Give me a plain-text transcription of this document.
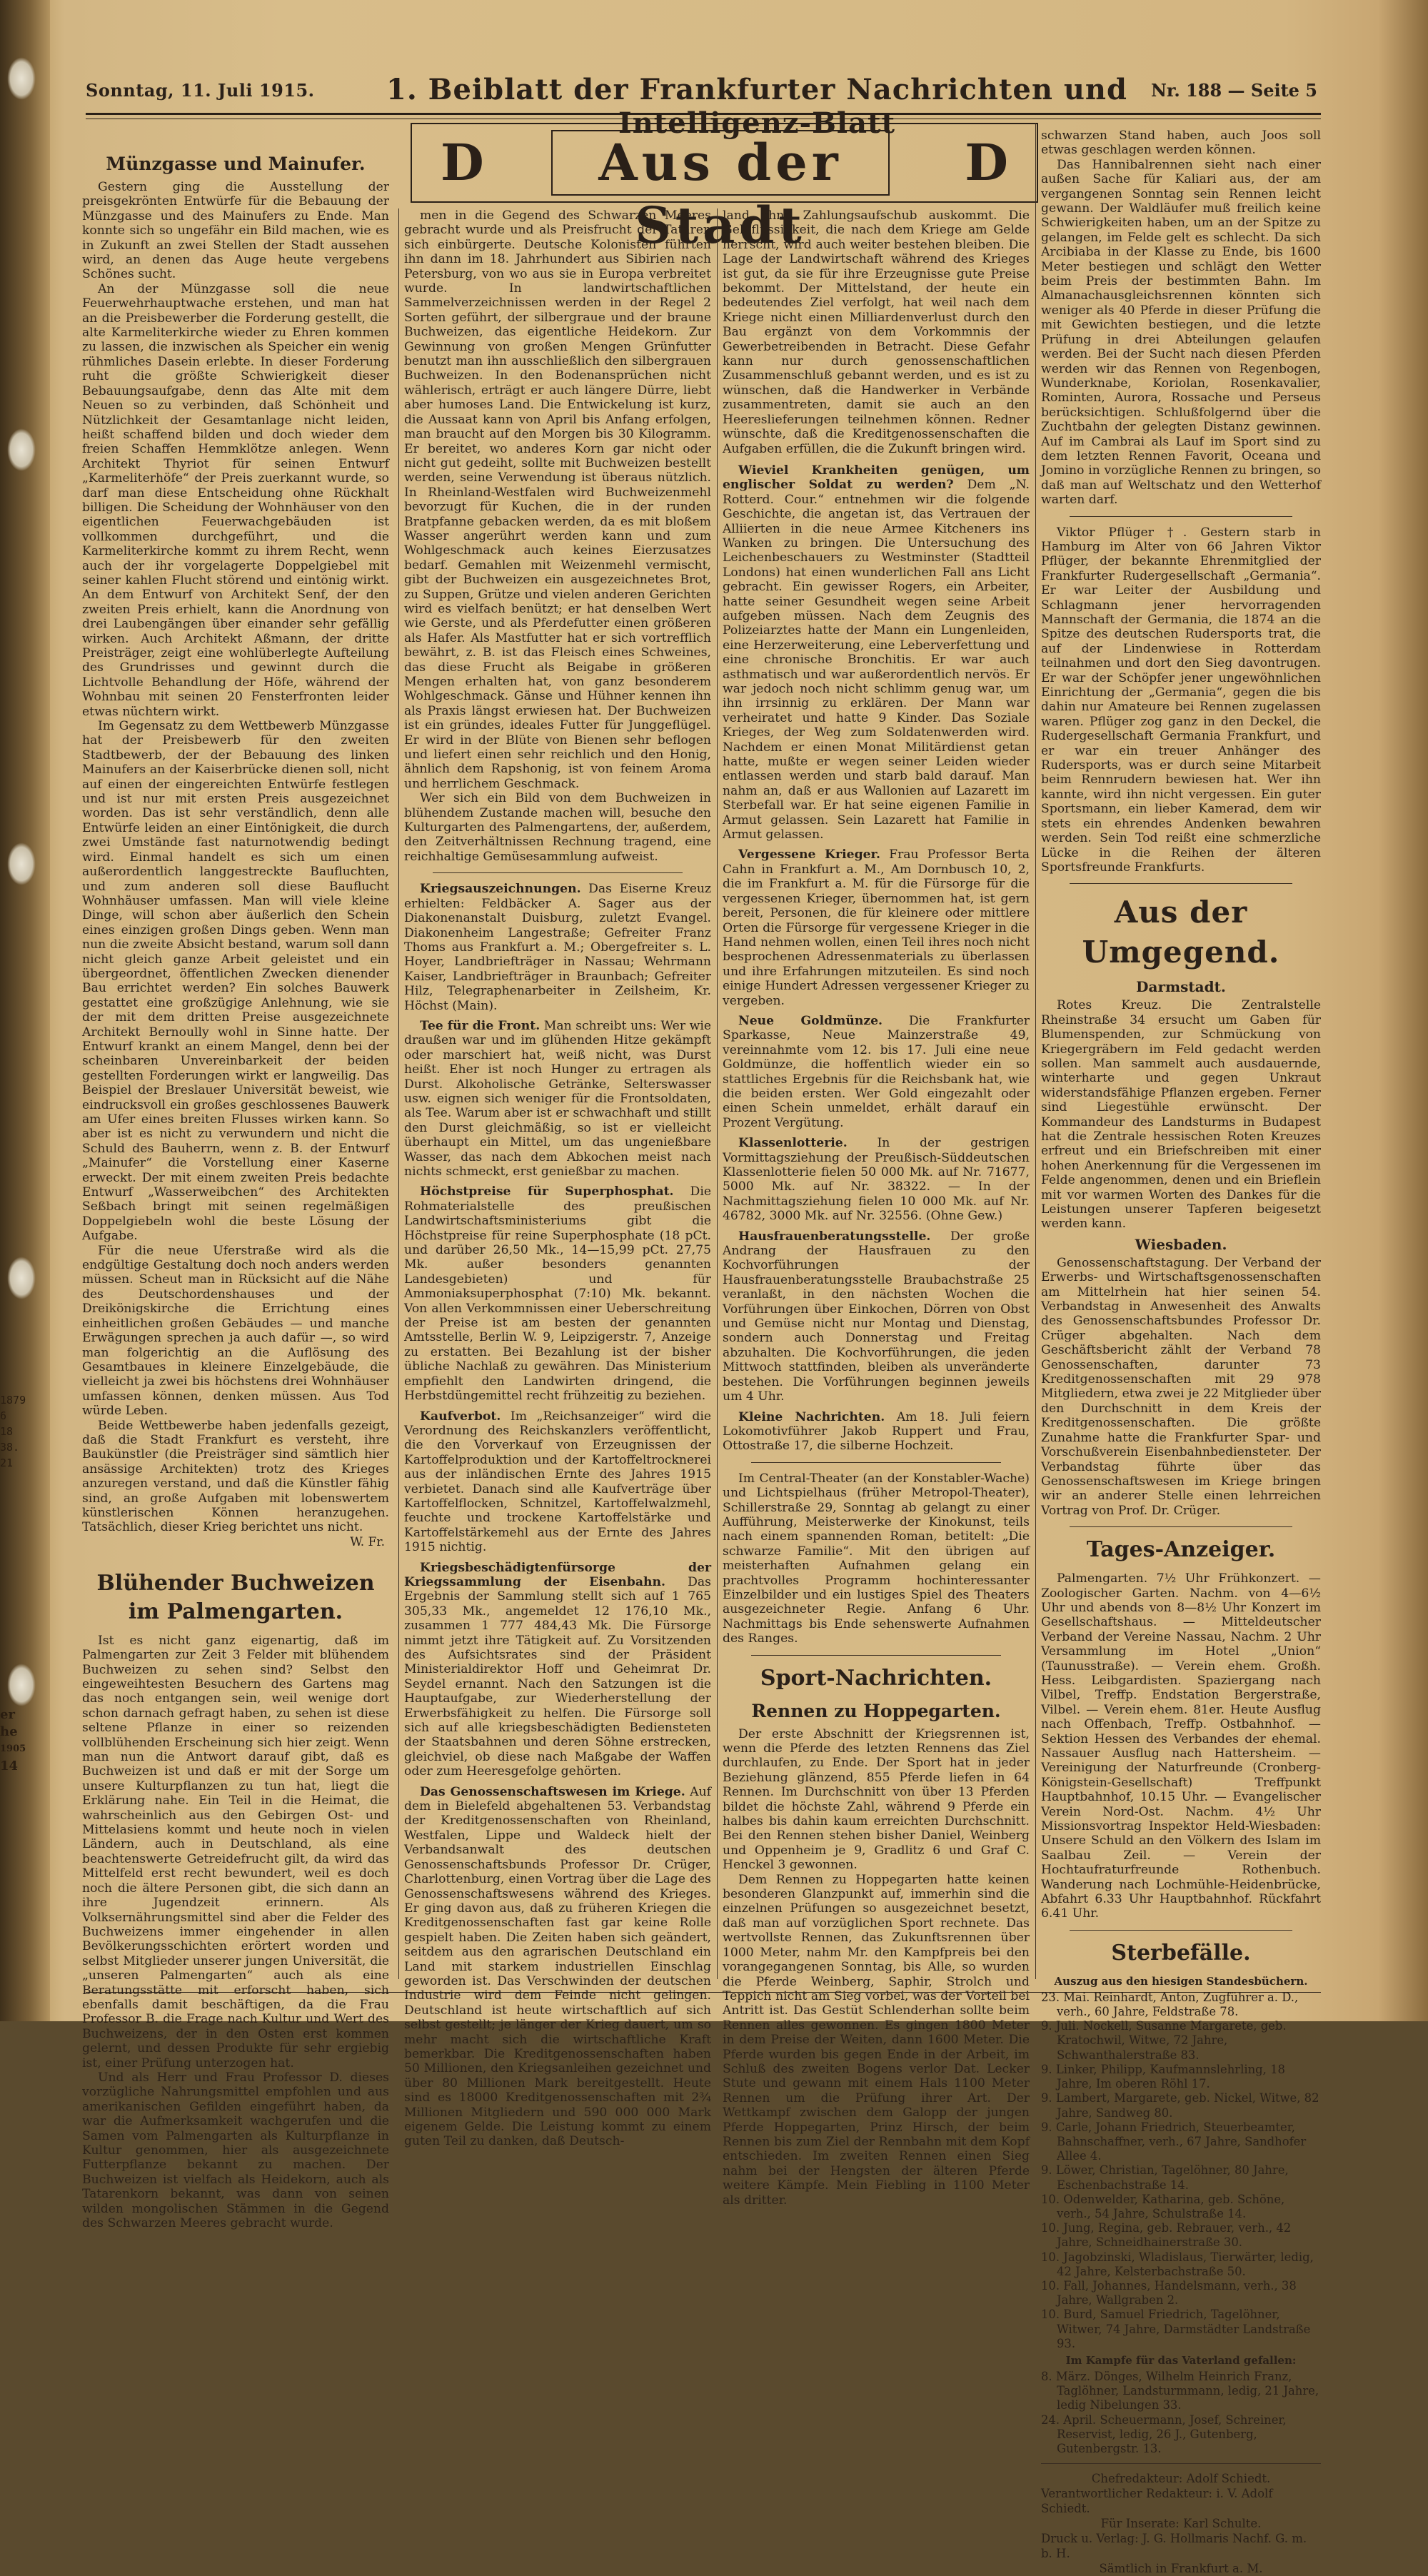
1879
6
18
38.
21
er
he
1905
14
Sonntag, 11. Juli 1915.	1. Beiblatt der Frankfurter Nachrichten und Intelligenz-Blatt
Nr. 188 — Seite 5
D	Aus der Stadt
D
Münzgasse und Mainufer.

Gestern ging die Ausstellung der preisgekrönten Entwürfe für die Bebauung der Münzgasse und des Mainufers zu Ende. Man konnte sich so ungefähr ein Bild machen, wie es in Zukunft an zwei Stellen der Stadt aussehen wird, an denen das Auge heute vergebens Schönes sucht.

An der Münzgasse soll die neue Feuerwehrhauptwache erstehen, und man hat an die Preisbewerber die Forderung gestellt, die alte Karmeliterkirche wieder zu Ehren kommen zu lassen, die inzwischen als Speicher ein wenig rühmliches Dasein erlebte. In dieser Forderung ruht die größte Schwierigkeit dieser Bebauungsaufgabe, denn das Alte mit dem Neuen so zu verbinden, daß Schönheit und Nützlichkeit der Gesamtanlage nicht leiden, heißt schaffend bilden und doch wieder dem freien Schaffen Hemmklötze anlegen. Wenn Architekt Thyriot für seinen Entwurf „Karmeliterhöfe“ der Preis zuerkannt wurde, so darf man diese Entscheidung ohne Rückhalt billigen. Die Scheidung der Wohnhäuser von den eigentlichen Feuerwachgebäuden ist vollkommen durchgeführt, und die Karmeliterkirche kommt zu ihrem Recht, wenn auch der ihr vorgelagerte Doppelgiebel mit seiner kahlen Flucht störend und eintönig wirkt. An dem Entwurf von Architekt Senf, der den zweiten Preis erhielt, kann die Anordnung von drei Laubengängen über einander sehr gefällig wirken. Auch Architekt Aßmann, der dritte Preisträger, zeigt eine wohlüberlegte Aufteilung des Grundrisses und gewinnt durch die Lichtvolle Behandlung der Höfe, während der Wohnbau mit seinen 20 Fensterfronten leider etwas nüchtern wirkt.

Im Gegensatz zu dem Wettbewerb Münzgasse hat der Preisbewerb für den zweiten Stadtbewerb, der der Bebauung des linken Mainufers an der Kaiserbrücke dienen soll, nicht auf einen der eingereichten Entwürfe festlegen und ist nur mit ersten Preis ausgezeichnet worden. Das ist sehr verständlich, denn alle Entwürfe leiden an einer Eintönigkeit, die durch zwei Umstände fast naturnotwendig bedingt wird. Einmal handelt es sich um einen außerordentlich langgestreckte Baufluchten, und zum anderen soll diese Bauflucht Wohnhäuser umfassen. Man will viele kleine Dinge, will schon aber äußerlich den Schein eines einzigen großen Dings geben. Wenn man nun die zweite Absicht bestand, warum soll dann nicht gleich ganze Arbeit geleistet und ein übergeordnet, öffentlichen Zwecken dienender Bau errichtet werden? Ein solches Bauwerk gestattet eine großzügige Anlehnung, wie sie der mit dem dritten Preise ausgezeichnete Architekt Bernoully wohl in Sinne hatte. Der Entwurf krankt an einem Mangel, denn bei der scheinbaren Unvereinbarkeit der beiden gestellten Forderungen wirkt er langweilig. Das Beispiel der Breslauer Universität beweist, wie eindrucksvoll ein großes geschlossenes Bauwerk am Ufer eines breiten Flusses wirken kann. So aber ist es nicht zu verwundern und nicht die Schuld des Bauherrn, wenn z. B. der Entwurf „Mainufer“ die Vorstellung einer Kaserne erweckt. Der mit einem zweiten Preis bedachte Entwurf „Wasserweibchen“ des Architekten Seßbach bringt mit seinen regelmäßigen Doppelgiebeln wohl die beste Lösung der Aufgabe.

Für die neue Uferstraße wird als die endgültige Gestaltung doch noch anders werden müssen. Scheut man in Rücksicht auf die Nähe des Deutschordenshauses und der Dreikönigskirche die Errichtung eines einheitlichen großen Gebäudes — und manche Erwägungen sprechen ja auch dafür —, so wird man folgerichtig an die Auflösung des Gesamtbaues in kleinere Einzelgebäude, die vielleicht ja zwei bis höchstens drei Wohnhäuser umfassen können, denken müssen. Aus Tod würde Leben.

Beide Wettbewerbe haben jedenfalls gezeigt, daß die Stadt Frankfurt es versteht, ihre Baukünstler (die Preisträger sind sämtlich hier ansässige Architekten) trotz des Krieges anzuregen verstand, und daß die Künstler fähig sind, an große Aufgaben mit lobenswertem künstlerischen Können heranzugehen. Tatsächlich, dieser Krieg berichtet uns nicht.

W. Fr.
Blühender Buchweizen im Palmengarten.

Ist es nicht ganz eigenartig, daß im Palmengarten zur Zeit 3 Felder mit blühendem Buchweizen zu sehen sind? Selbst den eingeweihtesten Besuchern des Gartens mag das noch entgangen sein, weil wenige dort schon darnach gefragt haben, zu sehen ist diese seltene Pflanze in einer so reizenden vollblühenden Erscheinung sich hier zeigt. Wenn man nun die Antwort darauf gibt, daß es Buchweizen ist und daß er mit der Sorge um unsere Kulturpflanzen zu tun hat, liegt die Erklärung nahe. Ein Teil in die Heimat, die wahrscheinlich aus den Gebirgen Ost- und Mittelasiens kommt und heute noch in vielen Ländern, auch in Deutschland, als eine beachtenswerte Getreidefrucht gilt, da wird das Mittelfeld erst recht bewundert, weil es doch noch die ältere Personen gibt, die sich dann an ihre Jugendzeit erinnern. Als Volksernährungsmittel sind aber die Felder des Buchweizens immer eingehender in allen Bevölkerungsschichten erörtert worden und selbst Mitglieder unserer jungen Universität, die „unseren Palmengarten“ auch als eine Beratungsstätte mit erforscht haben, sich ebenfalls damit beschäftigen, da die Frau Professor B. die Frage nach Kultur und Wert des Buchweizens, der in den Osten erst kommen gelernt, und dessen Produkte für sehr ergiebig ist, einer Prüfung unterzogen hat.

Und als Herr und Frau Professor D. dieses vorzügliche Nahrungsmittel empfohlen und aus amerikanischen Gefilden eingeführt haben, da war die Aufmerksamkeit wachgerufen und die Samen vom Palmengarten als Kulturpflanze in Kultur genommen, hier als ausgezeichnete Futterpflanze bekannt zu machen. Der Buchweizen ist vielfach als Heidekorn, auch als Tatarenkorn bekannt, was dann von seinen wilden mongolischen Stämmen in die Gegend des Schwarzen Meeres gebracht wurde.

men in die Gegend des Schwarzen Meeres gebracht wurde und als Preisfrucht der Tataren sich einbürgerte. Deutsche Kolonisten führten ihn dann im 18. Jahrhundert aus Sibirien nach Petersburg, von wo aus sie in Europa verbreitet wurde. In landwirtschaftlichen Sammelverzeichnissen werden in der Regel 2 Sorten geführt, der silbergraue und der braune Buchweizen, das eigentliche Heidekorn. Zur Gewinnung von großen Mengen Grünfutter benutzt man ihn ausschließlich den silbergrauen Buchweizen. In den Bodenansprüchen nicht wählerisch, erträgt er auch längere Dürre, liebt aber humoses Land. Die Entwickelung ist kurz, die Aussaat kann von April bis Anfang erfolgen, man braucht auf den Morgen bis 30 Kilogramm. Er bereitet, wo anderes Korn gar nicht oder nicht gut gedeiht, sollte mit Buchweizen bestellt werden, seine Verwendung ist überaus nützlich. In Rheinland-Westfalen wird Buchweizenmehl bevorzugt für Kuchen, die in der runden Bratpfanne gebacken werden, da es mit bloßem Wasser angerührt werden kann und zum Wohlgeschmack auch keines Eierzusatzes bedarf. Gemahlen mit Weizenmehl vermischt, gibt der Buchweizen ein ausgezeichnetes Brot, zu Suppen, Grütze und vielen anderen Gerichten wird es vielfach benützt; er hat denselben Wert wie Gerste, und als Pferdefutter einen größeren als Hafer. Als Mastfutter hat er sich vortrefflich bewährt, z. B. ist das Fleisch eines Schweines, das diese Frucht als Beigabe in größeren Mengen erhalten hat, von ganz besonderem Wohlgeschmack. Gänse und Hühner kennen ihn als Praxis längst erwiesen hat. Der Buchweizen ist ein gründes, ideales Futter für Junggeflügel. Er wird in der Blüte von Bienen sehr beflogen und liefert einen sehr reichlich und den Honig, ähnlich dem Rapshonig, ist von feinem Aroma und herrlichem Geschmack.

Wer sich ein Bild von dem Buchweizen in blühendem Zustande machen will, besuche den Kulturgarten des Palmengartens, der, außerdem, den Zeitverhältnissen Rechnung tragend, eine reichhaltige Gemüsesammlung aufweist.

Kriegsauszeichnungen. Das Eiserne Kreuz erhielten: Feldbäcker A. Sager aus der Diakonenanstalt Duisburg, zuletzt Evangel. Diakonenheim Langestraße; Gefreiter Franz Thoms aus Frankfurt a. M.; Obergefreiter s. L. Hoyer, Landbriefträger in Nassau; Wehrmann Kaiser, Landbriefträger in Braunbach; Gefreiter Hilz, Telegraphenarbeiter in Zeilsheim, Kr. Höchst (Main).
Tee für die Front. Man schreibt uns: Wer wie draußen war und im glühenden Hitze gekämpft oder marschiert hat, weiß nicht, was Durst heißt. Eher ist noch Hunger zu ertragen als Durst. Alkoholische Getränke, Selterswasser usw. eignen sich weniger für die Frontsoldaten, als Tee. Warum aber ist er schwachhaft und stillt den Durst gleichmäßig, so ist er vielleicht überhaupt ein Mittel, um das ungenießbare Wasser, das nach dem Abkochen meist nach nichts schmeckt, erst genießbar zu machen.
Höchstpreise für Superphosphat. Die Rohmaterialstelle des preußischen Landwirtschaftsministeriums gibt die Höchstpreise für reine Superphosphate (18 pCt. und darüber 26,50 Mk., 14—15,99 pCt. 27,75 Mk. außer besonders genannten Landesgebieten) und für Ammoniaksuperphosphat (7:10) Mk. bekannt. Von allen Verkommnissen einer Ueberschreitung der Preise ist am besten der genannten Amtsstelle, Berlin W. 9, Leipzigerstr. 7, Anzeige zu erstatten. Bei Bezahlung ist der bisher übliche Nachlaß zu gewähren. Das Ministerium empfiehlt den Landwirten dringend, die Herbstdüngemittel recht frühzeitig zu beziehen.
Kaufverbot. Im „Reichsanzeiger“ wird die Verordnung des Reichskanzlers veröffentlicht, die den Vorverkauf von Erzeugnissen der Kartoffelproduktion und der Kartoffeltrocknerei aus der inländischen Ernte des Jahres 1915 verbietet. Danach sind alle Kaufverträge über Kartoffelflocken, Schnitzel, Kartoffelwalzmehl, feuchte und trockene Kartoffelstärke und Kartoffelstärkemehl aus der Ernte des Jahres 1915 nichtig.
Kriegsbeschädigtenfürsorge der Kriegssammlung der Eisenbahn. Das Ergebnis der Sammlung stellt sich auf 1 765 305,33 Mk., angemeldet 12 176,10 Mk., zusammen 1 777 484,43 Mk. Die Fürsorge nimmt jetzt ihre Tätigkeit auf. Zu Vorsitzenden des Aufsichtsrates sind der Präsident Ministerialdirektor Hoff und Geheimrat Dr. Seydel ernannt. Nach den Satzungen ist die Hauptaufgabe, zur Wiederherstellung der Erwerbsfähigkeit zu helfen. Die Fürsorge soll sich auf alle kriegsbeschädigten Bediensteten der Staatsbahnen und deren Söhne erstrecken, gleichviel, ob diese nach Maßgabe der Waffen oder zum Heeresgefolge gehörten.
Das Genossenschaftswesen im Kriege. Auf dem in Bielefeld abgehaltenen 53. Verbandstag der Kreditgenossenschaften von Rheinland, Westfalen, Lippe und Waldeck hielt der Verbandsanwalt des deutschen Genossenschaftsbunds Professor Dr. Crüger, Charlottenburg, einen Vortrag über die Lage des Genossenschaftswesens während des Krieges. Er ging davon aus, daß zu früheren Kriegen die Kreditgenossenschaften fast gar keine Rolle gespielt haben. Die Zeiten haben sich geändert, seitdem aus den agrarischen Deutschland ein Land mit starkem industriellen Einschlag geworden ist. Das Verschwinden der deutschen Industrie wird dem Feinde nicht gelingen. Deutschland ist heute wirtschaftlich auf sich selbst gestellt; je länger der Krieg dauert, um so mehr macht sich die wirtschaftliche Kraft bemerkbar. Die Kreditgenossenschaften haben 50 Millionen, den Kriegsanleihen gezeichnet und über 80 Millionen Mark bereitgestellt. Heute sind es 18000 Kreditgenossenschaften mit 2¾ Millionen Mitgliedern und 590 000 000 Mark eigenem Gelde. Die Leistung kommt zu einem guten Teil zu danken, daß Deutsch-

land ohne Zahlungsaufschub auskommt. Die Geldflüssigkeit, die nach dem Kriege am Gelde herrscht, wird auch weiter bestehen bleiben. Die Lage der Landwirtschaft während des Krieges ist gut, da sie für ihre Erzeugnisse gute Preise bekommt. Der Mittelstand, der heute ein bedeutendes Ziel verfolgt, hat weil nach dem Kriege nicht einen Milliardenverlust durch den Bau ergänzt von dem Vorkommnis der Gewerbetreibenden in Betracht. Diese Gefahr kann nur durch genossenschaftlichen Zusammenschluß gebannt werden, und es ist zu wünschen, daß die Handwerker in Verbände zusammentreten, damit sie auch an den Heereslieferungen teilnehmen können. Redner wünschte, daß die Kreditgenossenschaften die Aufgaben erfüllen, die die Zukunft bringen wird.

Wieviel Krankheiten genügen, um englischer Soldat zu werden? Dem „N. Rotterd. Cour.“ entnehmen wir die folgende Geschichte, die angetan ist, das Vertrauen der Alliierten in die neue Armee Kitcheners ins Wanken zu bringen. Die Untersuchung des Leichenbeschauers zu Westminster (Stadtteil Londons) hat einen wunderlichen Fall ans Licht gebracht. Ein gewisser Rogers, ein Arbeiter, hatte seiner Gesundheit wegen seine Arbeit aufgeben müssen. Nach dem Zeugnis des Polizeiarztes hatte der Mann ein Lungenleiden, eine Herzerweiterung, eine Leberverfettung und eine chronische Bronchitis. Er war auch asthmatisch und war außerordentlich nervös. Er war jedoch noch nicht schlimm genug war, um ihn irrsinnig zu erklären. Der Mann war verheiratet und hatte 9 Kinder. Das Soziale Krieges, der Weg zum Soldatenwerden wird. Nachdem er einen Monat Militärdienst getan hatte, mußte er wegen seiner Leiden wieder entlassen werden und starb bald darauf. Man nahm an, daß er aus Wallonien auf Lazarett im Sterbefall war. Er hat seine eigenen Familie in Armut gelassen. Sein Lazarett hat Familie in Armut gelassen.
Vergessene Krieger. Frau Professor Berta Cahn in Frankfurt a. M., Am Dornbusch 10, 2, die im Frankfurt a. M. für die Fürsorge für die vergessenen Krieger, übernommen hat, ist gern bereit, Personen, die für kleinere oder mittlere Orten die Fürsorge für vergessene Krieger in die Hand nehmen wollen, einen Teil ihres noch nicht besprochenen Adressenmaterials zu überlassen und ihre Erfahrungen mitzuteilen. Es sind noch einige Hundert Adressen vergessener Krieger zu vergeben.
Neue Goldmünze. Die Frankfurter Sparkasse, Neue Mainzerstraße 49, vereinnahmte vom 12. bis 17. Juli eine neue Goldmünze, die hoffentlich wieder ein so stattliches Ergebnis für die Reichsbank hat, wie die beiden ersten. Wer Gold eingezahlt oder einen Schein unmeldet, erhält darauf ein Prozent Vergütung.
Klassenlotterie. In der gestrigen Vormittagsziehung der Preußisch-Süddeutschen Klassenlotterie fielen 50 000 Mk. auf Nr. 71677, 5000 Mk. auf Nr. 38322. — In der Nachmittagsziehung fielen 10 000 Mk. auf Nr. 46782, 3000 Mk. auf Nr. 32556. (Ohne Gew.)
Hausfrauenberatungsstelle. Der große Andrang der Hausfrauen zu den Kochvorführungen der Hausfrauenberatungsstelle Braubachstraße 25 veranlaßt, in den nächsten Wochen die Vorführungen über Einkochen, Dörren von Obst und Gemüse nicht nur Montag und Dienstag, sondern auch Donnerstag und Freitag abzuhalten. Die Kochvorführungen, die jeden Mittwoch stattfinden, bleiben als unveränderte bestehen. Die Vorführungen beginnen jeweils um 4 Uhr.
Kleine Nachrichten. Am 18. Juli feiern Lokomotivführer Jakob Ruppert und Frau, Ottostraße 17, die silberne Hochzeit.

Im Central-Theater (an der Konstabler-Wache) und Lichtspielhaus (früher Metropol-Theater), Schillerstraße 29, Sonntag ab gelangt zu einer Aufführung, Meisterwerke der Kinokunst, teils nach einem spannenden Roman, betitelt: „Die schwarze Familie“. Mit den übrigen auf meisterhaften Aufnahmen gelang ein prachtvolles Programm hochinteressanter Einzelbilder und ein lustiges Spiel des Theaters ausgezeichneter Regie. Anfang 6 Uhr. Nachmittags bis Ende sehenswerte Aufnahmen des Ranges.

Sport-Nachrichten.
Rennen zu Hoppegarten.

Der erste Abschnitt der Kriegsrennen ist, wenn die Pferde des letzten Rennens das Ziel durchlaufen, zu Ende. Der Sport hat in jeder Beziehung glänzend, 855 Pferde liefen in 64 Rennen. Im Durchschnitt von über 13 Pferden bildet die höchste Zahl, während 9 Pferde ein halbes bis dahin kaum erreichten Durchschnitt. Bei den Rennen stehen bisher Daniel, Weinberg und Oppenheim je 9, Gradlitz 6 und Graf C. Henckel 3 gewonnen.

Dem Rennen zu Hoppegarten hatte keinen besonderen Glanzpunkt auf, immerhin sind die einzelnen Prüfungen so ausgezeichnet besetzt, daß man auf vorzüglichen Sport rechnete. Das wertvollste Rennen, das Zukunftsrennen über 1000 Meter, nahm Mr. den Kampfpreis bei den vorangegangenen Sonntag, bis Alle, so wurden die Pferde Weinberg, Saphir, Strolch und Teppich nicht am Sieg vorbei, was der Vorteil bei Antritt ist. Das Gestüt Schlenderhan sollte beim Rennen alles gewonnen. Es gingen 1800 Meter in dem Preise der Weiten, dann 1600 Meter. Die Pferde wurden bis gegen Ende in der Arbeit, im Schluß des zweiten Bogens verlor Dat. Lecker Stute und gewann mit einem Hals 1100 Meter Rennen um die Prüfung ihrer Art. Der Wettkampf zwischen dem Galopp der jungen Pferde Hoppegarten, Prinz Hirsch, der beim Rennen bis zum Ziel der Rennbahn mit dem Kopf entschieden. Im zweiten Rennen einen Sieg nahm bei der Hengsten der älteren Pferde weitere Kämpfe. Mein Fiebling in 1100 Meter als dritter.

schwarzen Stand haben, auch Joos soll etwas geschlagen werden können.

Das Hannibalrennen sieht nach einer außen Sache für Kaliari aus, der am vergangenen Sonntag sein Rennen leicht gewann. Der Waldläufer muß freilich keine Schwierigkeiten haben, um an der Spitze zu gelangen, im Felde gelt es schlecht. Da sich Arcibiaba in der Klasse zu Ende, bis 1600 Meter bestiegen und schlägt den Wetter beim Preis der bestimmten Bahn. Im Almanachausgleichsrennen könnten sich weniger als 40 Pferde in dieser Prüfung die mit Gewichten bestiegen, und die letzte Prüfung in drei Abteilungen gelaufen werden. Bei der Sucht nach diesen Pferden werden wir das Rennen von Regenbogen, Wunderknabe, Koriolan, Rosenkavalier, Rominten, Aurora, Rossache und Perseus berücksichtigen. Schlußfolgernd über die Zuchtbahn der gelegten Distanz gewinnen. Auf im Cambrai als Lauf im Sport sind zu dem letzten Rennen Favorit, Oceana und Jomino in vorzügliche Rennen zu bringen, so daß man auf Weltschatz und den Wetterhof warten darf.

Viktor Pflüger †. Gestern starb in Hamburg im Alter von 66 Jahren Viktor Pflüger, der bekannte Ehrenmitglied der Frankfurter Rudergesellschaft „Germania“. Er war Leiter der Ausbildung und Schlagmann jener hervorragenden Mannschaft der Germania, die 1874 an die Spitze des deutschen Rudersports trat, die auf der Lindenwiese in Rotterdam teilnahmen und dort den Sieg davontrugen. Er war der Schöpfer jener ungewöhnlichen Einrichtung der „Germania“, gegen die bis dahin nur Amateure bei Rennen zugelassen waren. Pflüger zog ganz in den Deckel, die Rudergesellschaft Germania Frankfurt, und er war ein treuer Anhänger des Rudersports, was er durch seine Mitarbeit beim Rennrudern bewiesen hat. Wer ihn kannte, wird ihn nicht vergessen. Ein guter Sportsmann, ein lieber Kamerad, dem wir stets ein ehrendes Andenken bewahren werden. Sein Tod reißt eine schmerzliche Lücke in die Reihen der älteren Sportsfreunde Frankfurts.

Aus der Umgegend.
Darmstadt.

Rotes Kreuz. Die Zentralstelle Rheinstraße 34 ersucht um Gaben für Blumenspenden, zur Schmückung von Kriegergräbern im Feld gedacht werden sollen. Man sammelt auch ausdauernde, winterharte und gegen Unkraut widerstandsfähige Pflanzen ergeben. Ferner sind Liegestühle erwünscht. Der Kommandeur des Landsturms in Budapest hat die Zentrale hessischen Roten Kreuzes erfreut und ein Briefschreiben mit einer hohen Anerkennung für die Vergessenen im Felde angenommen, denen und ein Brieflein mit vor warmen Worten des Dankes für die Leistungen unserer Tapferen beigesetzt werden kann.

Wiesbaden.

Genossenschaftstagung. Der Verband der Erwerbs- und Wirtschaftsgenossenschaften am Mittelrhein hat hier seinen 54. Verbandstag in Anwesenheit des Anwalts des Genossenschaftsbundes Professor Dr. Crüger abgehalten. Nach dem Geschäftsbericht zählt der Verband 78 Genossenschaften, darunter 73 Kreditgenossenschaften mit 29 978 Mitgliedern, etwa zwei je 22 Mitglieder über den Durchschnitt in dem Kreis der Kreditgenossenschaften. Die größte Zunahme hatte die Frankfurter Spar- und Vorschußverein Eisenbahnbediensteter. Der Verbandstag führte über das Genossenschaftswesen im Kriege bringen wir an anderer Stelle einen lehrreichen Vortrag von Prof. Dr. Crüger.

Tages-Anzeiger.

Palmengarten. 7½ Uhr Frühkonzert. — Zoologischer Garten. Nachm. von 4—6½ Uhr und abends von 8—8½ Uhr Konzert im Gesellschaftshaus. — Mitteldeutscher Verband der Vereine Nassau, Nachm. 2 Uhr Versammlung im Hotel „Union“ (Taunusstraße). — Verein ehem. Großh. Hess. Leibgardisten. Spaziergang nach Vilbel, Treffp. Endstation Bergerstraße, Vilbel. — Verein ehem. 81er. Heute Ausflug nach Offenbach, Treffp. Ostbahnhof. — Sektion Hessen des Verbandes der ehemal. Nassauer Ausflug nach Hattersheim. — Vereinigung der Naturfreunde (Cronberg-Königstein-Gesellschaft) Treffpunkt Hauptbahnhof, 10.15 Uhr. — Evangelischer Verein Nord-Ost. Nachm. 4½ Uhr Missionsvortrag Inspektor Held-Wiesbaden: Unsere Schuld an den Völkern des Islam im Saalbau Zeil. — Verein der Hochtaufraturfreunde Rothenbuch. Wanderung nach Lochmühle-Heidenbrücke, Abfahrt 6.33 Uhr Hauptbahnhof. Rückfahrt 6.41 Uhr.

Sterbefälle.
Auszug aus den hiesigen Standesbüchern.
23. Mai. Reinhardt, Anton, Zugführer a. D., verh., 60 Jahre, Feldstraße 78.
9. Juli. Nockell, Susanne Margarete, geb. Kratochwil, Witwe, 72 Jahre, Schwanthalerstraße 83.
9. Linker, Philipp, Kaufmannslehrling, 18 Jahre, Im oberen Röhl 17.
9. Lambert, Margarete, geb. Nickel, Witwe, 82 Jahre, Sandweg 80.
9. Carle, Johann Friedrich, Steuerbeamter, Bahnschaffner, verh., 67 Jahre, Sandhofer Allee 4.
9. Löwer, Christian, Tagelöhner, 80 Jahre, Eschenbachstraße 14.
10. Odenwelder, Katharina, geb. Schöne, verh., 54 Jahre, Schulstraße 14.
10. Jung, Regina, geb. Rebrauer, verh., 42 Jahre, Schneidhainerstraße 30.
10. Jagobzinski, Wladislaus, Tierwärter, ledig, 42 Jahre, Kelsterbachstraße 50.
10. Fall, Johannes, Handelsmann, verh., 38 Jahre, Wallgraben 2.
10. Burd, Samuel Friedrich, Tagelöhner, Witwer, 74 Jahre, Darmstädter Landstraße 93.
Im Kampfe für das Vaterland gefallen:
8. März. Dönges, Wilhelm Heinrich Franz, Taglöhner, Landsturmmann, ledig, 21 Jahre, ledig Nibelungen 33.
24. April. Scheuermann, Josef, Schreiner, Reservist, ledig, 26 J., Gutenberg, Gutenbergstr. 13.
Chefredakteur: Adolf Schiedt.
Verantwortlicher Redakteur: i. V. Adolf Schiedt.
Für Inserate: Karl Schulte.
Druck u. Verlag: J. G. Hollmaris Nachf. G. m. b. H.
Sämtlich in Frankfurt a. M.
